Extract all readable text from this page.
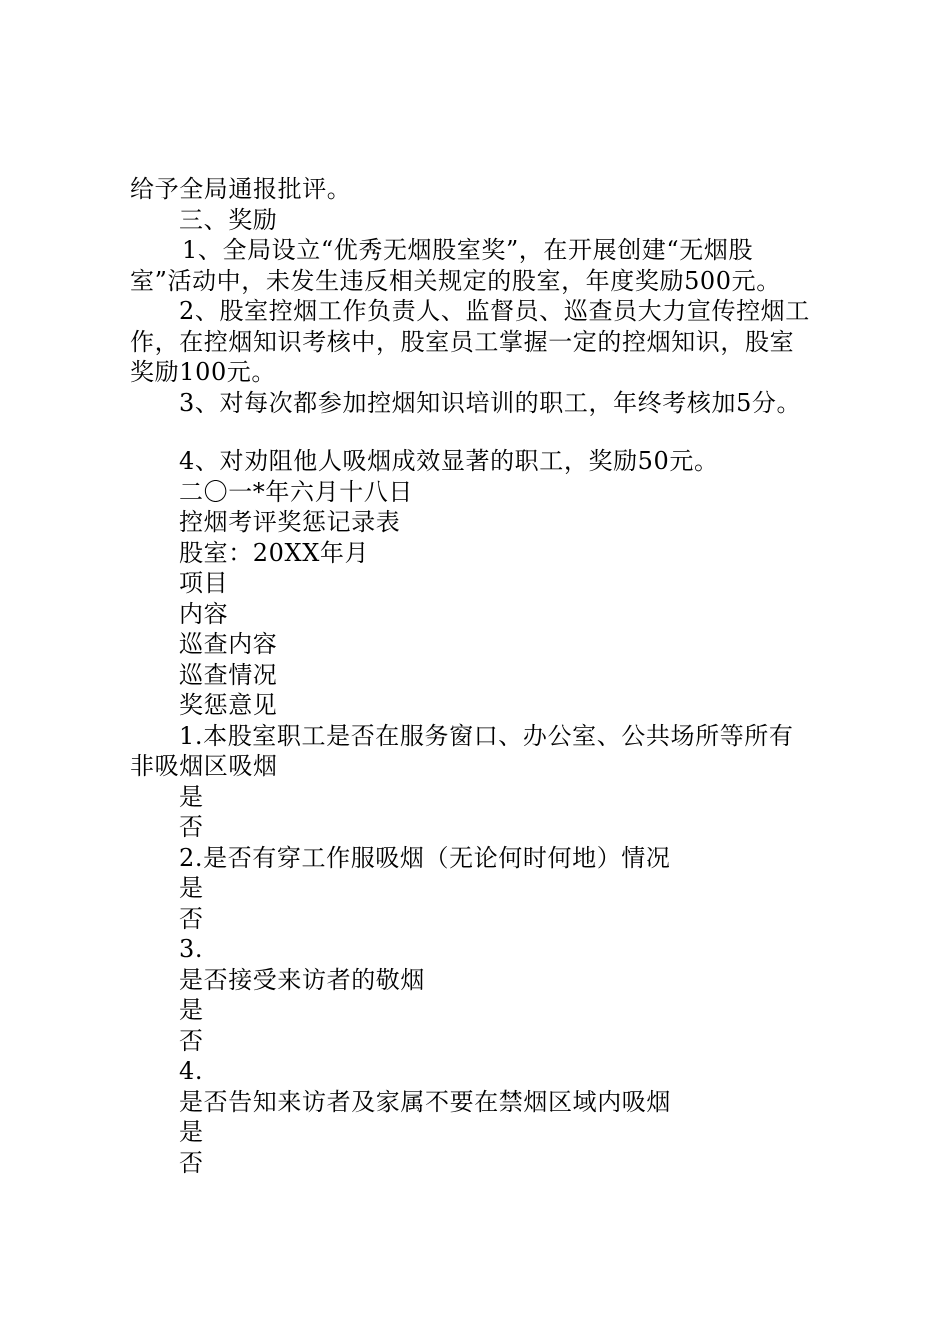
给予全局通报批评。
三、奖励
1、全局设立“优秀无烟股室奖”，在开展创建“无烟股
室”活动中，未发生违反相关规定的股室，年度奖励500元。
2、股室控烟工作负责人、监督员、巡查员大力宣传控烟工
作，在控烟知识考核中，股室员工掌握一定的控烟知识，股室
奖励100元。
3、对每次都参加控烟知识培训的职工，年终考核加5分。
4、对劝阻他人吸烟成效显著的职工，奖励50元。
二〇一*年六月十八日
控烟考评奖惩记录表
股室：20XX年月
项目
内容
巡查内容
巡查情况
奖惩意见
1.本股室职工是否在服务窗口、办公室、公共场所等所有
非吸烟区吸烟
是
否
2.是否有穿工作服吸烟（无论何时何地）情况
是
否
3.
是否接受来访者的敬烟
是
否
4.
是否告知来访者及家属不要在禁烟区域内吸烟
是
否
